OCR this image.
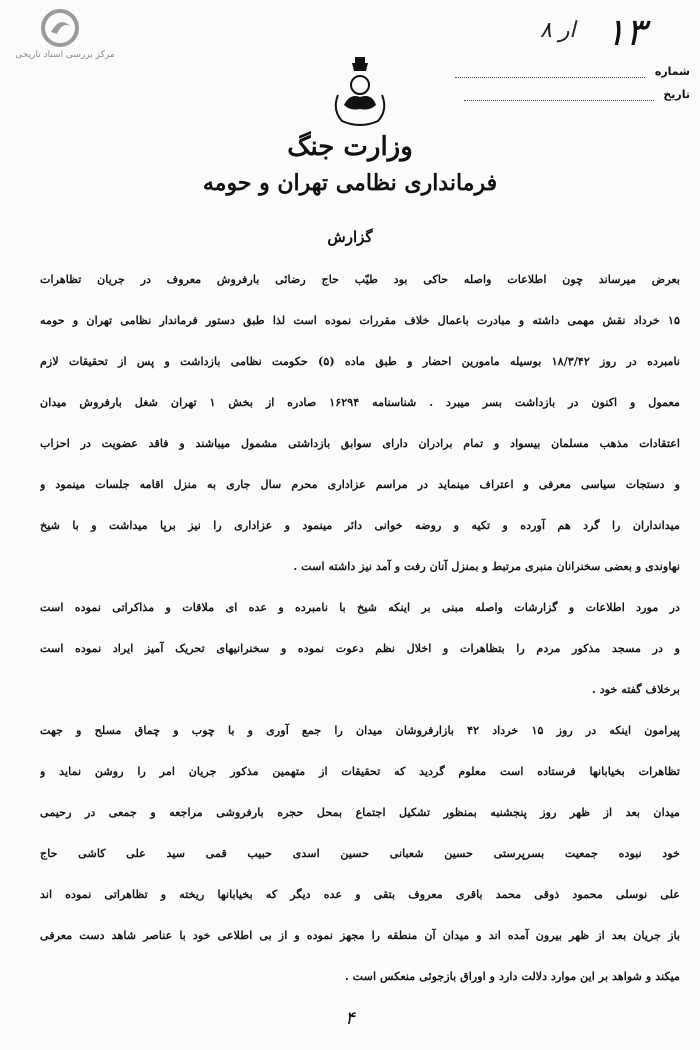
مرکز بررسی اسناد تاریخی
۸ ار ۱۳
شماره
تاریخ
وزارت جنگ
فرمانداری نظامی تهران و حومه
گزارش
بعرض میرساند چون اطلاعات واصله حاکی بود طیّب حاج رضائی بارفروش معروف در جریان تظاهرات
۱۵ خرداد نقش مهمی داشته و مبادرت باعمال خلاف مقررات نموده است لذا طبق دستور فرماندار نظامی تهران و حومه
نامبرده در روز ۱۸/۳/۴۲ بوسیله مامورین احضار و طبق ماده (۵) حکومت نظامی بازداشت و پس از تحقیقات لازم
معمول و اکنون در بازداشت بسر میبرد . شناسنامه ۱۶۲۹۴ صادره از بخش ۱ تهران شغل بارفروش میدان
اعتقادات مذهب مسلمان بیسواد و تمام برادران دارای سوابق بازداشتی مشمول میباشند و فاقد عضویت در احزاب
و دستجات سیاسی معرفی و اعتراف مینماید در مراسم عزاداری محرم سال جاری به منزل اقامه جلسات مینمود و
میدانداران را گرد هم آورده و تکیه و روضه خوانی دائر مینمود و عزاداری را نیز برپا میداشت و با شیخ
نهاوندی و بعضی سخنرانان منبری مرتبط و بمنزل آنان رفت و آمد نیز داشته است .
در مورد اطلاعات و گزارشات واصله مبنی بر اینکه شیخ با نامبرده و عده ای ملاقات و مذاکراتی نموده است
و در مسجد مذکور مردم را بتظاهرات و اخلال نظم دعوت نموده و سخنرانیهای تحریک آمیز ایراد نموده است
برخلاف گفته خود .
پیرامون اینکه در روز ۱۵ خرداد ۴۲ بازارفروشان میدان را جمع آوری و با چوب و چماق مسلح و جهت
تظاهرات بخیابانها فرستاده است معلوم گردید که تحقیقات از متهمین مذکور جریان امر را روشن نماید و
میدان بعد از ظهر روز پنجشنبه بمنظور تشکیل اجتماع بمحل حجره بارفروشی مراجعه و جمعی در رحیمی
خود نبوده جمعیت بسرپرستی حسین شعبانی حسین اسدی حبیب قمی سید علی کاشی حاج
علی نوسلی محمود ذوقی محمد باقری معروف بتقی و عده دیگر که بخیابانها ریخته و تظاهراتی نموده اند
باز جریان بعد از ظهر بیرون آمده اند و میدان آن منطقه را مجهز نموده و از بی اطلاعی خود با عناصر شاهد دست معرفی
میکند و شواهد بر این موارد دلالت دارد و اوراق بازجوئی منعکس است .
۴
